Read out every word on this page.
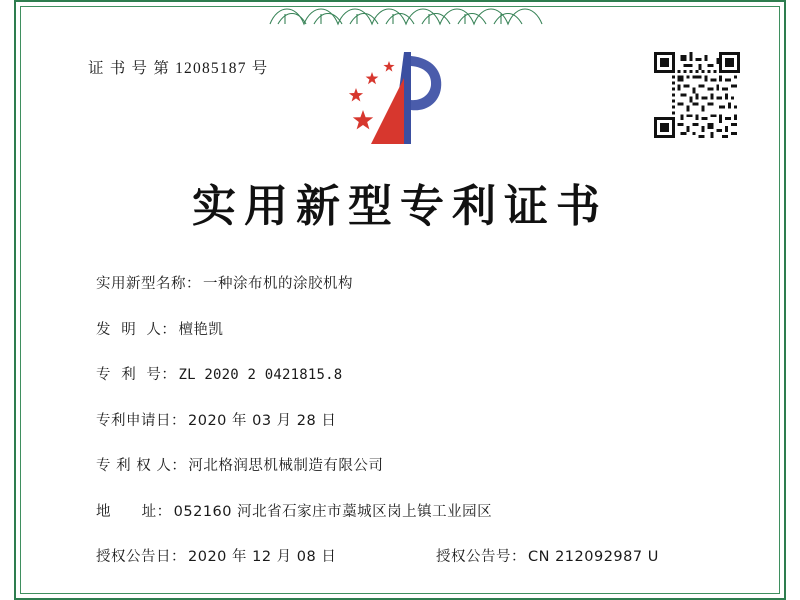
证 书 号 第 12085187 号
实用新型专利证书
实用新型名称： 一种涂布机的涂胶机构
发  明  人： 檀艳凯
专  利  号： ZL 2020 2 0421815.8
专利申请日： 2020 年 03 月 28 日
专 利 权 人： 河北格润思机械制造有限公司
地      址： 052160 河北省石家庄市藁城区岗上镇工业园区
授权公告日： 2020 年 12 月 08 日	授权公告号： CN 212092987 U
